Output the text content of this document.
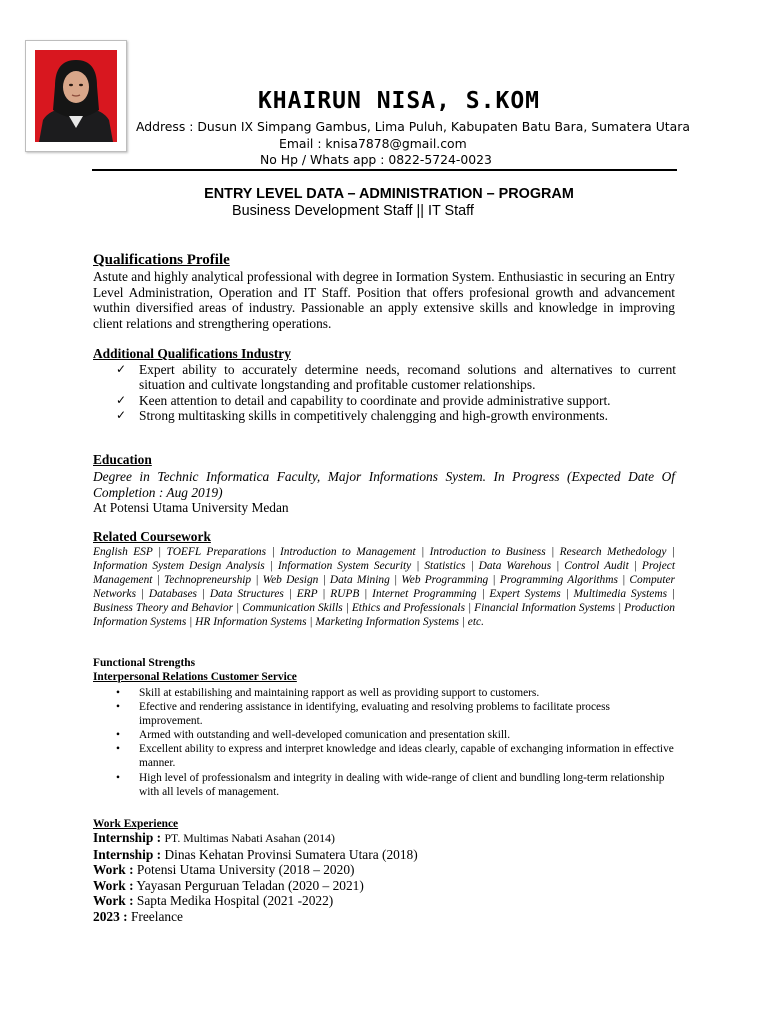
KHAIRUN NISA, S.KOM
Address : Dusun IX Simpang Gambus, Lima Puluh, Kabupaten Batu Bara, Sumatera Utara
Email : knisa7878@gmail.com
No Hp / Whats app : 0822-5724-0023
ENTRY LEVEL DATA – ADMINISTRATION – PROGRAM
Business Development Staff || IT Staff
Qualifications Profile
Astute and highly analytical professional with degree in Iormation System. Enthusiastic in securing an Entry Level Administration, Operation and IT Staff. Position that offers profesional growth and advancement wuthin diversified areas of industry. Passionable an apply extensive skills and knowledge in improving client relations and strengthering operations.
Additional Qualifications Industry
✓ Expert ability to accurately determine needs, recomand solutions and alternatives to current situation and cultivate longstanding and profitable customer relationships.
✓ Keen attention to detail and capability to coordinate and provide administrative support.
✓ Strong multitasking skills in competitively chalengging and high-growth environments.
Education
Degree in Technic Informatica Faculty, Major Informations System. In Progress (Expected Date Of Completion : Aug 2019)
At Potensi Utama University Medan
Related Coursework
English ESP | TOEFL Preparations | Introduction to Management | Introduction to Business | Research Methedology | Information System Design Analysis | Information System Security | Statistics | Data Warehous | Control Audit | Project Management | Technopreneurship | Web Design | Data Mining | Web Programming | Programming Algorithms | Computer Networks | Databases | Data Structures | ERP | RUPB | Internet Programming | Expert Systems | Multimedia Systems | Business Theory and Behavior | Communication Skills | Ethics and Professionals | Financial Information Systems | Production Information Systems | HR Information Systems | Marketing Information Systems | etc.
Functional Strengths
Interpersonal Relations Customer Service
• Skill at estabilishing and maintaining rapport as well as providing support to customers.
• Efective and rendering assistance in identifying, evaluating and resolving problems to facilitate process improvement.
• Armed with outstanding and well-developed comunication and presentation skill.
• Excellent ability to express and interpret knowledge and ideas clearly, capable of exchanging information in effective manner.
• High level of professionalsm and integrity in dealing with wide-range of client and bundling long-term relationship with all levels of management.
Work Experience
Internship : PT. Multimas Nabati Asahan (2014)
Internship : Dinas Kehatan Provinsi Sumatera Utara (2018)
Work : Potensi Utama University (2018 – 2020)
Work : Yayasan Perguruan Teladan (2020 – 2021)
Work : Sapta Medika Hospital (2021 -2022)
2023 : Freelance
